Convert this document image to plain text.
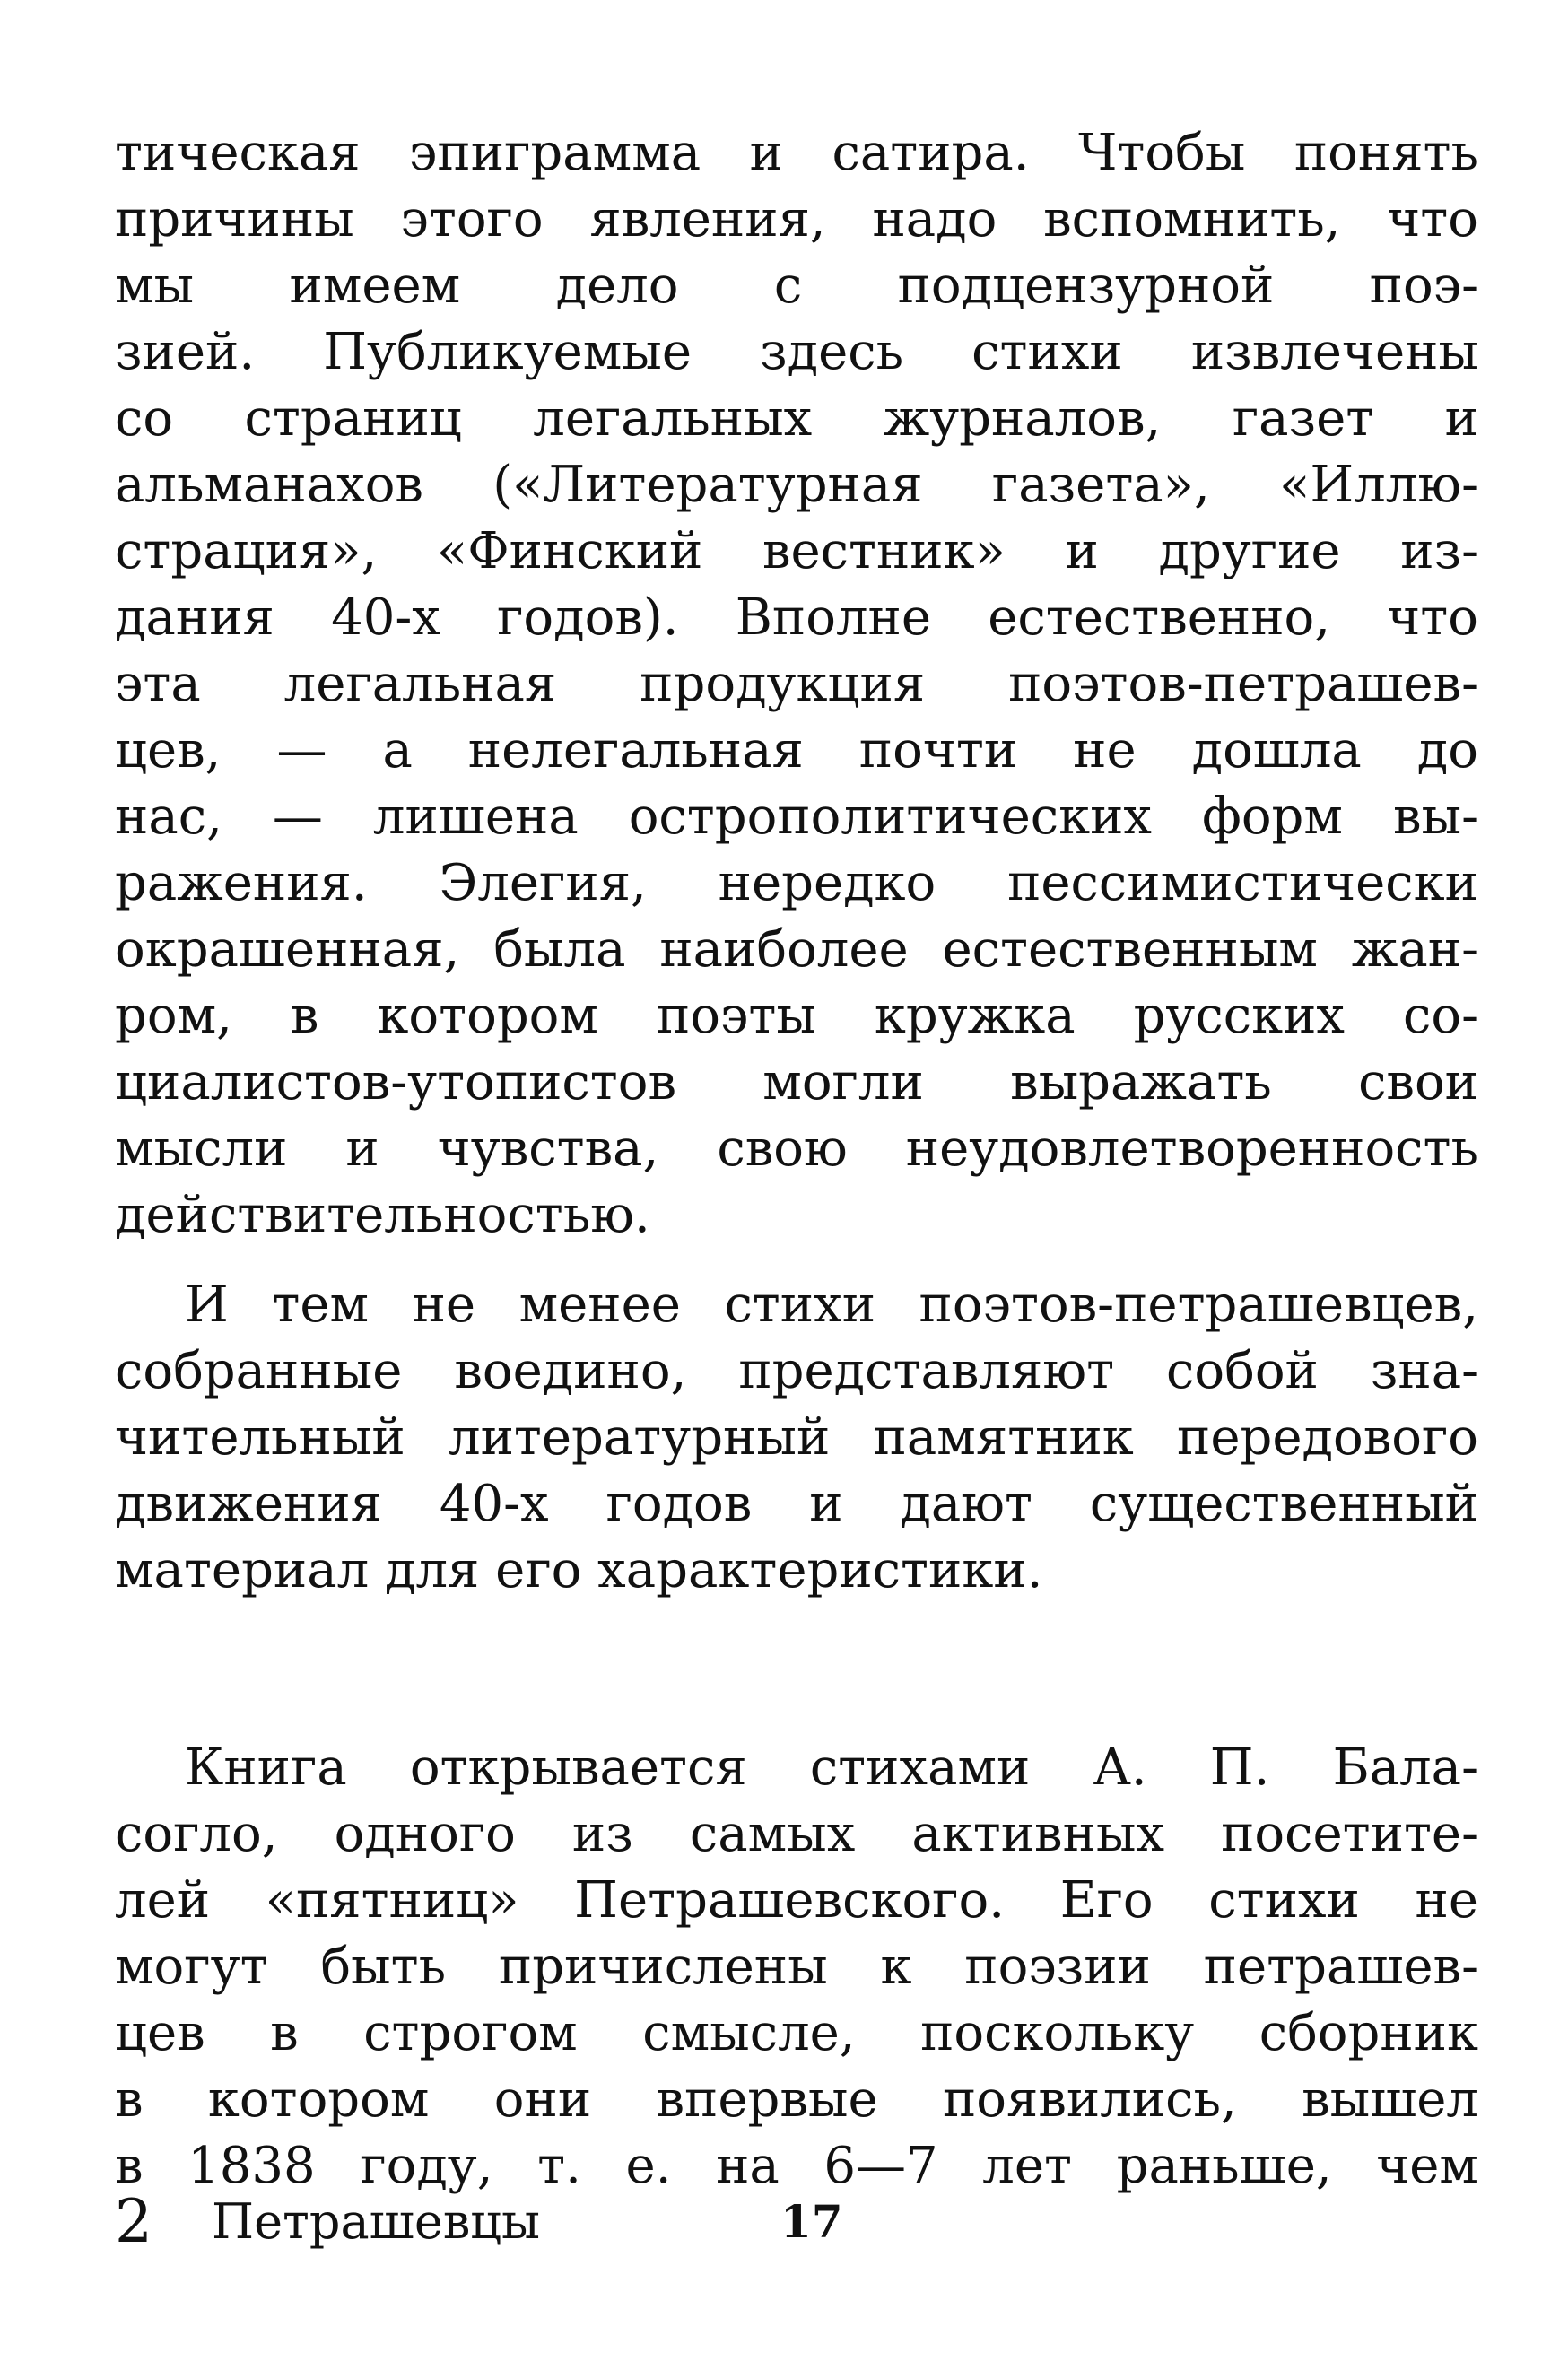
тическая эпиграмма и сатира. Чтобы понять
причины этого явления, надо вспомнить, что
мы имеем дело с подцензурной поэ-
зией. Публикуемые здесь стихи извлечены
со страниц легальных журналов, газет и
альманахов («Литературная газета», «Иллю-
страция», «Финский вестник» и другие из-
дания 40-х годов). Вполне естественно, что
эта легальная продукция поэтов-петрашев-
цев, — а нелегальная почти не дошла до
нас, — лишена острополитических форм вы-
ражения. Элегия, нередко пессимистически
окрашенная, была наиболее естественным жан-
ром, в котором поэты кружка русских со-
циалистов-утопистов могли выражать свои
мысли и чувства, свою неудовлетворенность
действительностью.
И тем не менее стихи поэтов-петрашевцев,
собранные воедино, представляют собой зна-
чительный литературный памятник передового
движения 40-х годов и дают существенный
материал для его характеристики.
Книга открывается стихами А. П. Бала-
согло, одного из самых активных посетите-
лей «пятниц» Петрашевского. Его стихи не
могут быть причислены к поэзии петрашев-
цев в строгом смысле, поскольку сборник
в котором они впервые появились, вышел
в 1838 году, т. е. на 6—7 лет раньше, чем
2 Петрашевцы	17
